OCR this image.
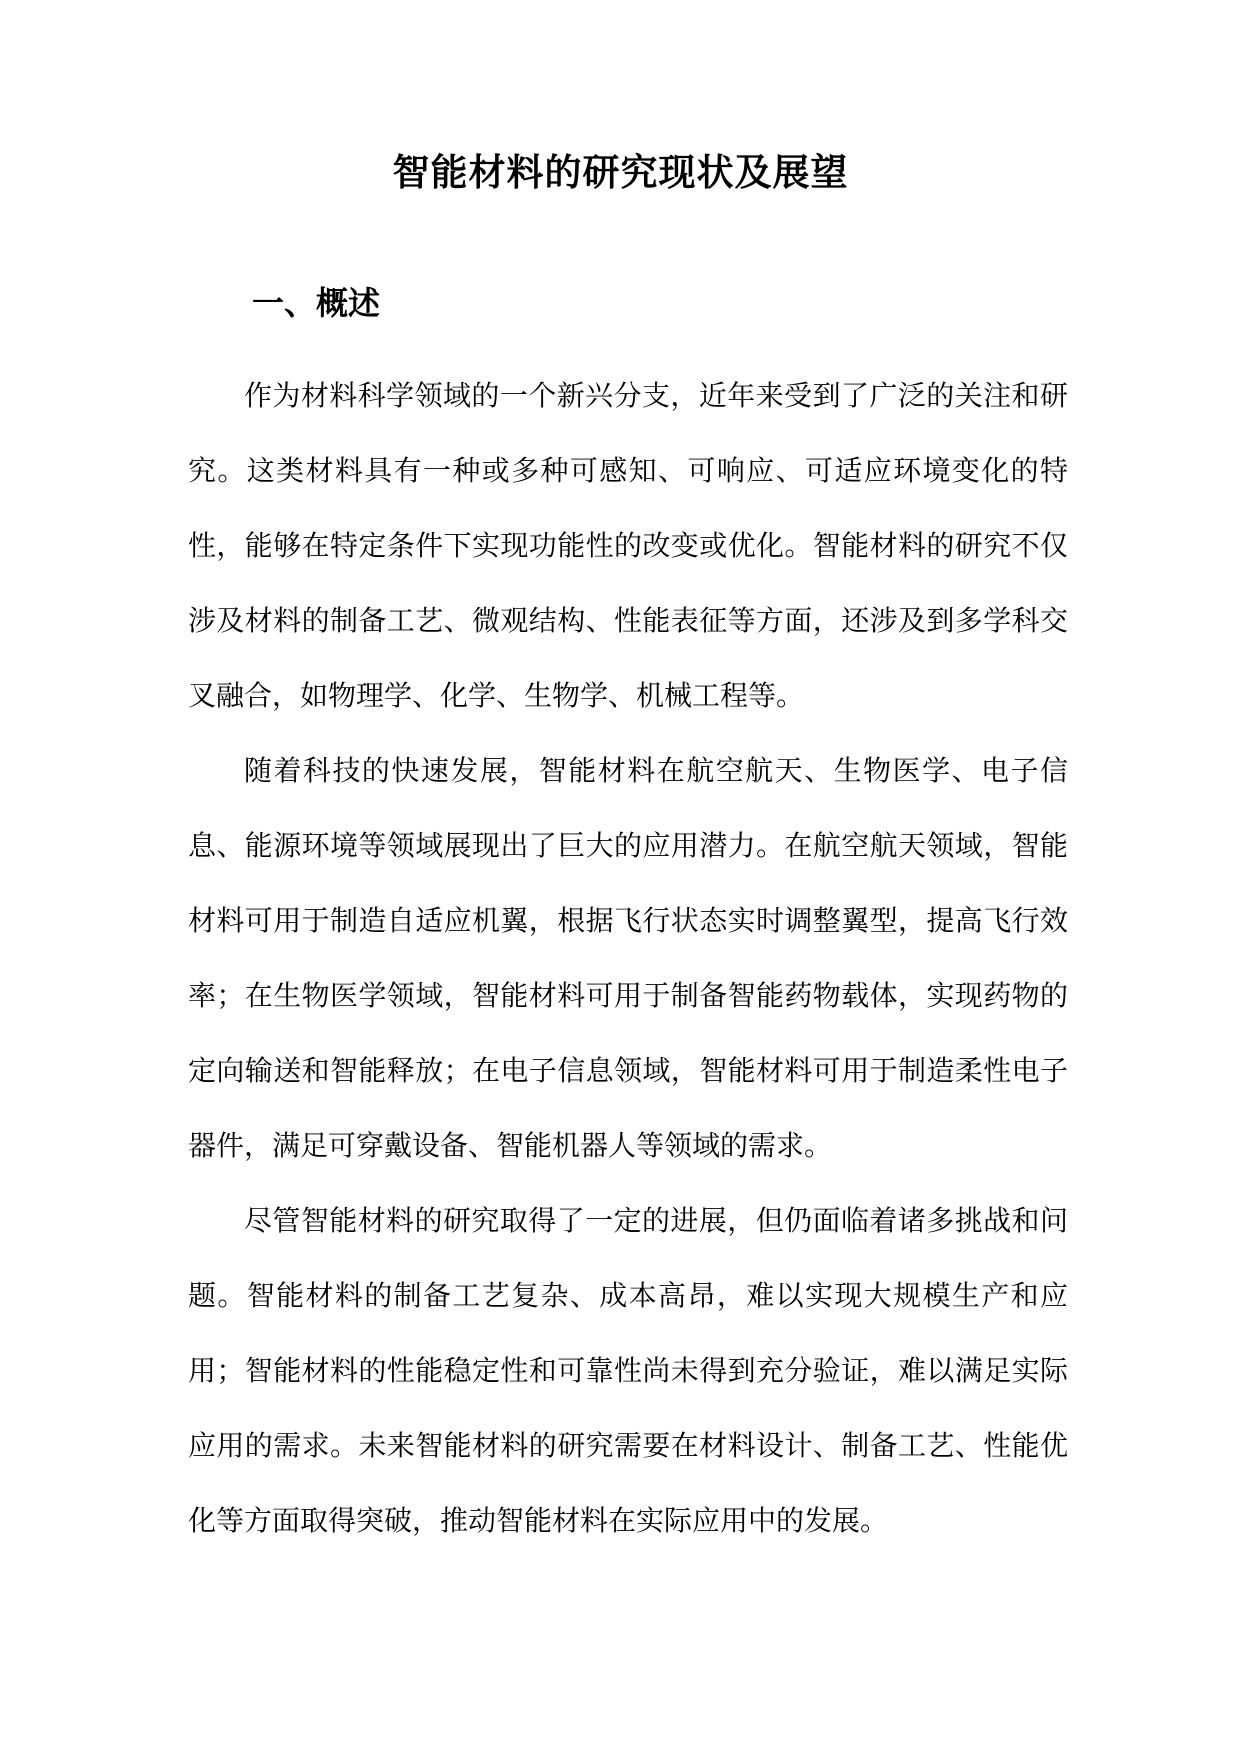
智能材料的研究现状及展望
一、概述

作为材料科学领域的一个新兴分支，近年来受到了广泛的关注和研究。这类材料具有一种或多种可感知、可响应、可适应环境变化的特性，能够在特定条件下实现功能性的改变或优化。智能材料的研究不仅涉及材料的制备工艺、微观结构、性能表征等方面，还涉及到多学科交叉融合，如物理学、化学、生物学、机械工程等。

随着科技的快速发展，智能材料在航空航天、生物医学、电子信息、能源环境等领域展现出了巨大的应用潜力。在航空航天领域，智能材料可用于制造自适应机翼，根据飞行状态实时调整翼型，提高飞行效率；在生物医学领域，智能材料可用于制备智能药物载体，实现药物的定向输送和智能释放；在电子信息领域，智能材料可用于制造柔性电子器件，满足可穿戴设备、智能机器人等领域的需求。

尽管智能材料的研究取得了一定的进展，但仍面临着诸多挑战和问题。智能材料的制备工艺复杂、成本高昂，难以实现大规模生产和应用；智能材料的性能稳定性和可靠性尚未得到充分验证，难以满足实际应用的需求。未来智能材料的研究需要在材料设计、制备工艺、性能优化等方面取得突破，推动智能材料在实际应用中的发展。
